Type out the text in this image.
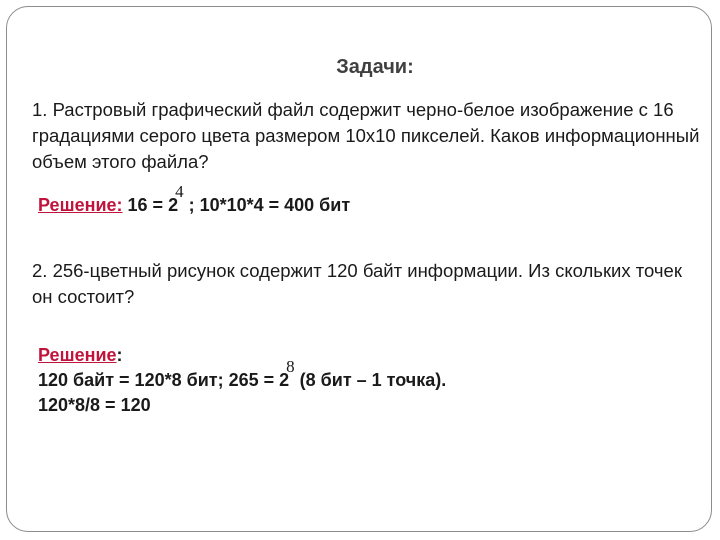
Задачи:
1. Растровый графический файл содержит черно-белое изображение с 16 градациями серого цвета размером 10х10 пикселей. Каков информационный объем этого файла?
Решение: 16 = 24 ; 10*10*4 = 400 бит
2. 256-цветный рисунок содержит 120 байт информации. Из скольких точек он состоит?
Решение:
120 байт = 120*8 бит; 265 = 28 (8 бит – 1 точка).
120*8/8 = 120
